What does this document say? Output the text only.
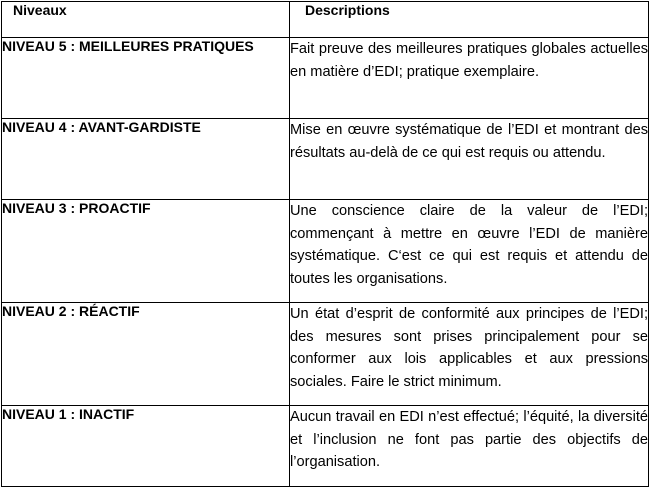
Niveaux	Descriptions
NIVEAU 5 : MEILLEURES PRATIQUES	Fait preuve des meilleures pratiques globales actuelles en matière d’EDI; pratique exemplaire.
NIVEAU 4 : AVANT-GARDISTE	Mise en œuvre systématique de l’EDI et montrant des résultats au-delà de ce qui est requis ou attendu.
NIVEAU 3 : PROACTIF	Une conscience claire de la valeur de l’EDI; commençant à mettre en œuvre l’EDI de manière systématique. C‘est ce qui est requis et attendu de toutes les organisations.
NIVEAU 2 : RÉACTIF	Un état d’esprit de conformité aux principes de l’EDI; des mesures sont prises principalement pour se conformer aux lois applicables et aux pressions sociales. Faire le strict minimum.
NIVEAU 1 : INACTIF	Aucun travail en EDI n’est effectué; l’équité, la diversité et l’inclusion ne font pas partie des objectifs de l’organisation.
